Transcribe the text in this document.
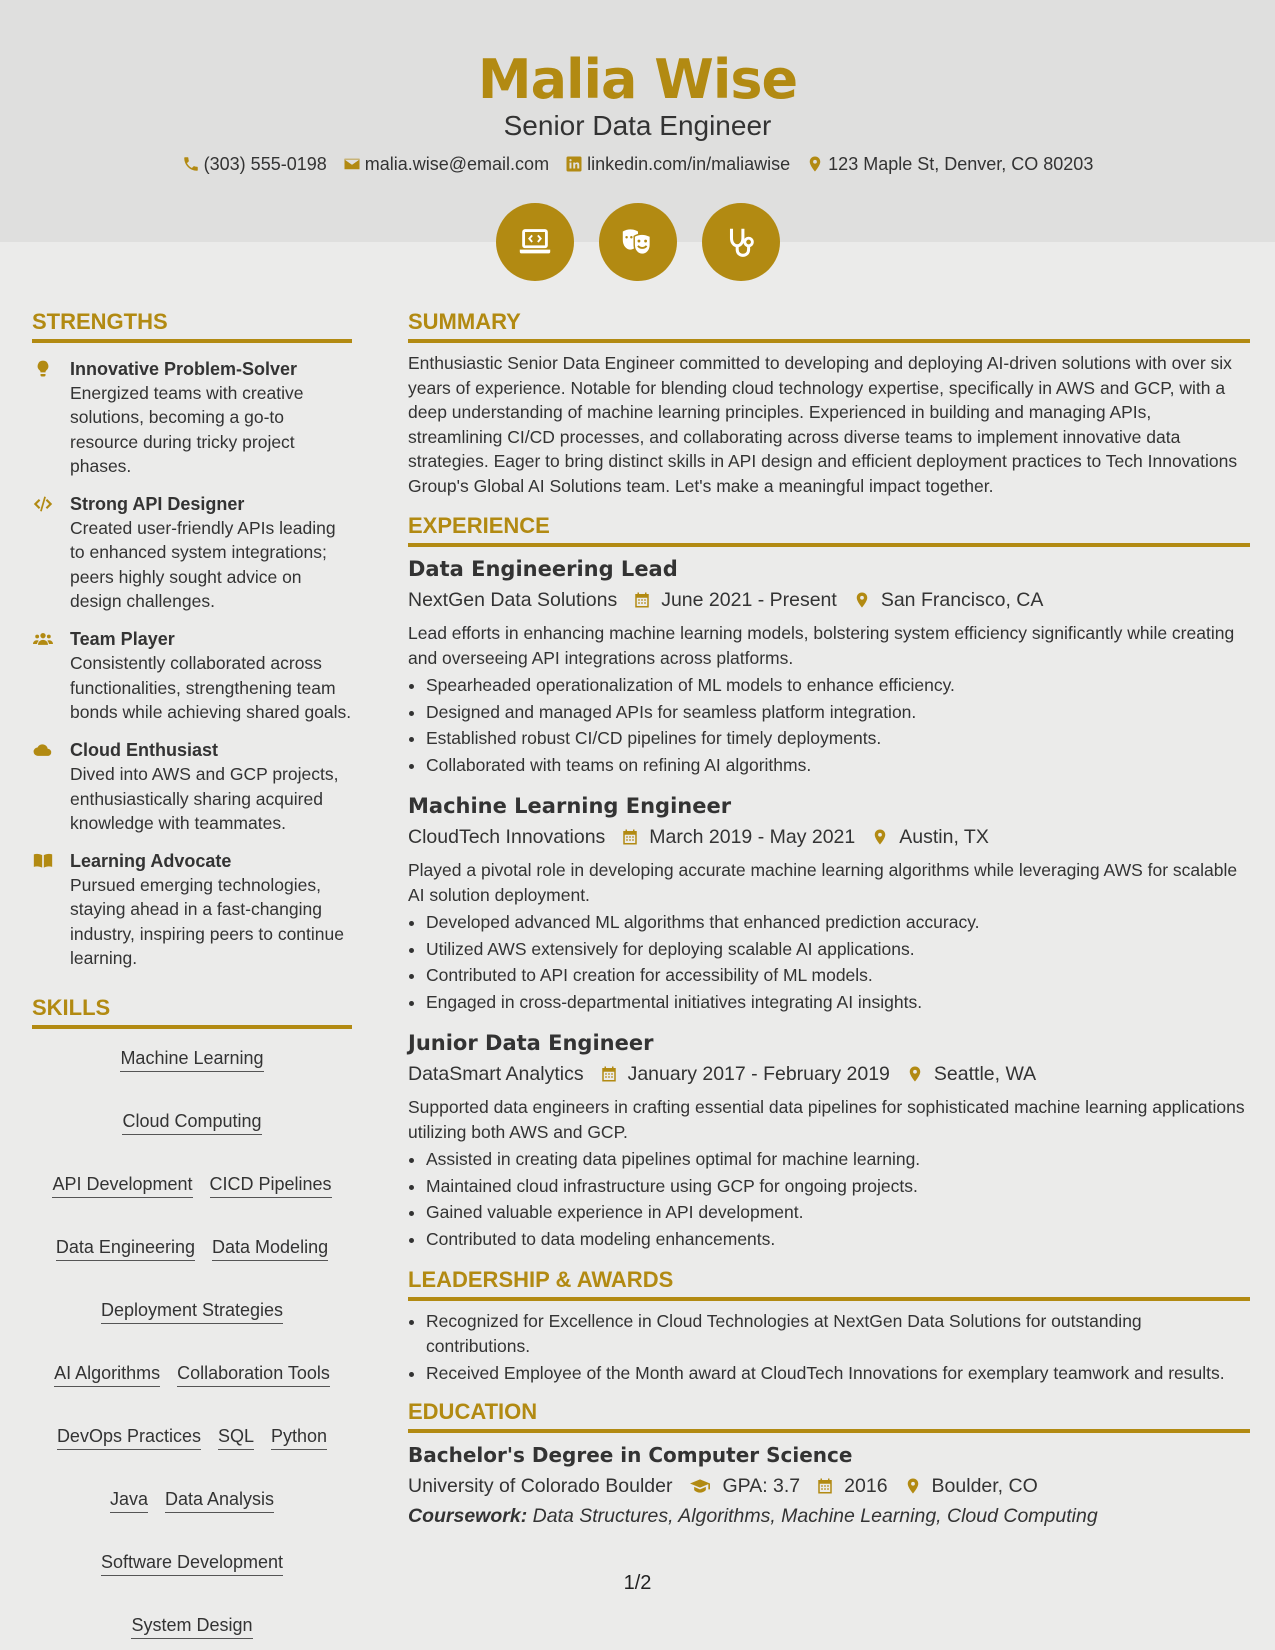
Malia Wise
Senior Data Engineer
(303) 555-0198 malia.wise@email.com linkedin.com/in/maliawise 123 Maple St, Denver, CO 80203
STRENGTHS
Innovative Problem-Solver
Energized teams with creative solutions, becoming a go-to resource during tricky project phases.
Strong API Designer
Created user-friendly APIs leading to enhanced system integrations; peers highly sought advice on design challenges.
Team Player
Consistently collaborated across functionalities, strengthening team bonds while achieving shared goals.
Cloud Enthusiast
Dived into AWS and GCP projects, enthusiastically sharing acquired knowledge with teammates.
Learning Advocate
Pursued emerging technologies, staying ahead in a fast-changing industry, inspiring peers to continue learning.
SKILLS
Machine Learning
Cloud Computing
API Development CICD Pipelines
Data Engineering Data Modeling
Deployment Strategies
AI Algorithms Collaboration Tools
DevOps Practices SQL Python
Java Data Analysis
Software Development
System Design
SUMMARY
Enthusiastic Senior Data Engineer committed to developing and deploying AI-driven solutions with over six years of experience. Notable for blending cloud technology expertise, specifically in AWS and GCP, with a deep understanding of machine learning principles. Experienced in building and managing APIs, streamlining CI/CD processes, and collaborating across diverse teams to implement innovative data strategies. Eager to bring distinct skills in API design and efficient deployment practices to Tech Innovations Group's Global AI Solutions team. Let's make a meaningful impact together.
EXPERIENCE
Data Engineering Lead
NextGen Data Solutions June 2021 - Present San Francisco, CA
Lead efforts in enhancing machine learning models, bolstering system efficiency significantly while creating and overseeing API integrations across platforms.
• Spearheaded operationalization of ML models to enhance efficiency.
• Designed and managed APIs for seamless platform integration.
• Established robust CI/CD pipelines for timely deployments.
• Collaborated with teams on refining AI algorithms.
Machine Learning Engineer
CloudTech Innovations March 2019 - May 2021 Austin, TX
Played a pivotal role in developing accurate machine learning algorithms while leveraging AWS for scalable AI solution deployment.
• Developed advanced ML algorithms that enhanced prediction accuracy.
• Utilized AWS extensively for deploying scalable AI applications.
• Contributed to API creation for accessibility of ML models.
• Engaged in cross-departmental initiatives integrating AI insights.
Junior Data Engineer
DataSmart Analytics January 2017 - February 2019 Seattle, WA
Supported data engineers in crafting essential data pipelines for sophisticated machine learning applications utilizing both AWS and GCP.
• Assisted in creating data pipelines optimal for machine learning.
• Maintained cloud infrastructure using GCP for ongoing projects.
• Gained valuable experience in API development.
• Contributed to data modeling enhancements.
LEADERSHIP & AWARDS
• Recognized for Excellence in Cloud Technologies at NextGen Data Solutions for outstanding contributions.
• Received Employee of the Month award at CloudTech Innovations for exemplary teamwork and results.
EDUCATION
Bachelor's Degree in Computer Science
University of Colorado Boulder	GPA: 3.7 2016 Boulder, CO
Coursework: Data Structures, Algorithms, Machine Learning, Cloud Computing
1/2
